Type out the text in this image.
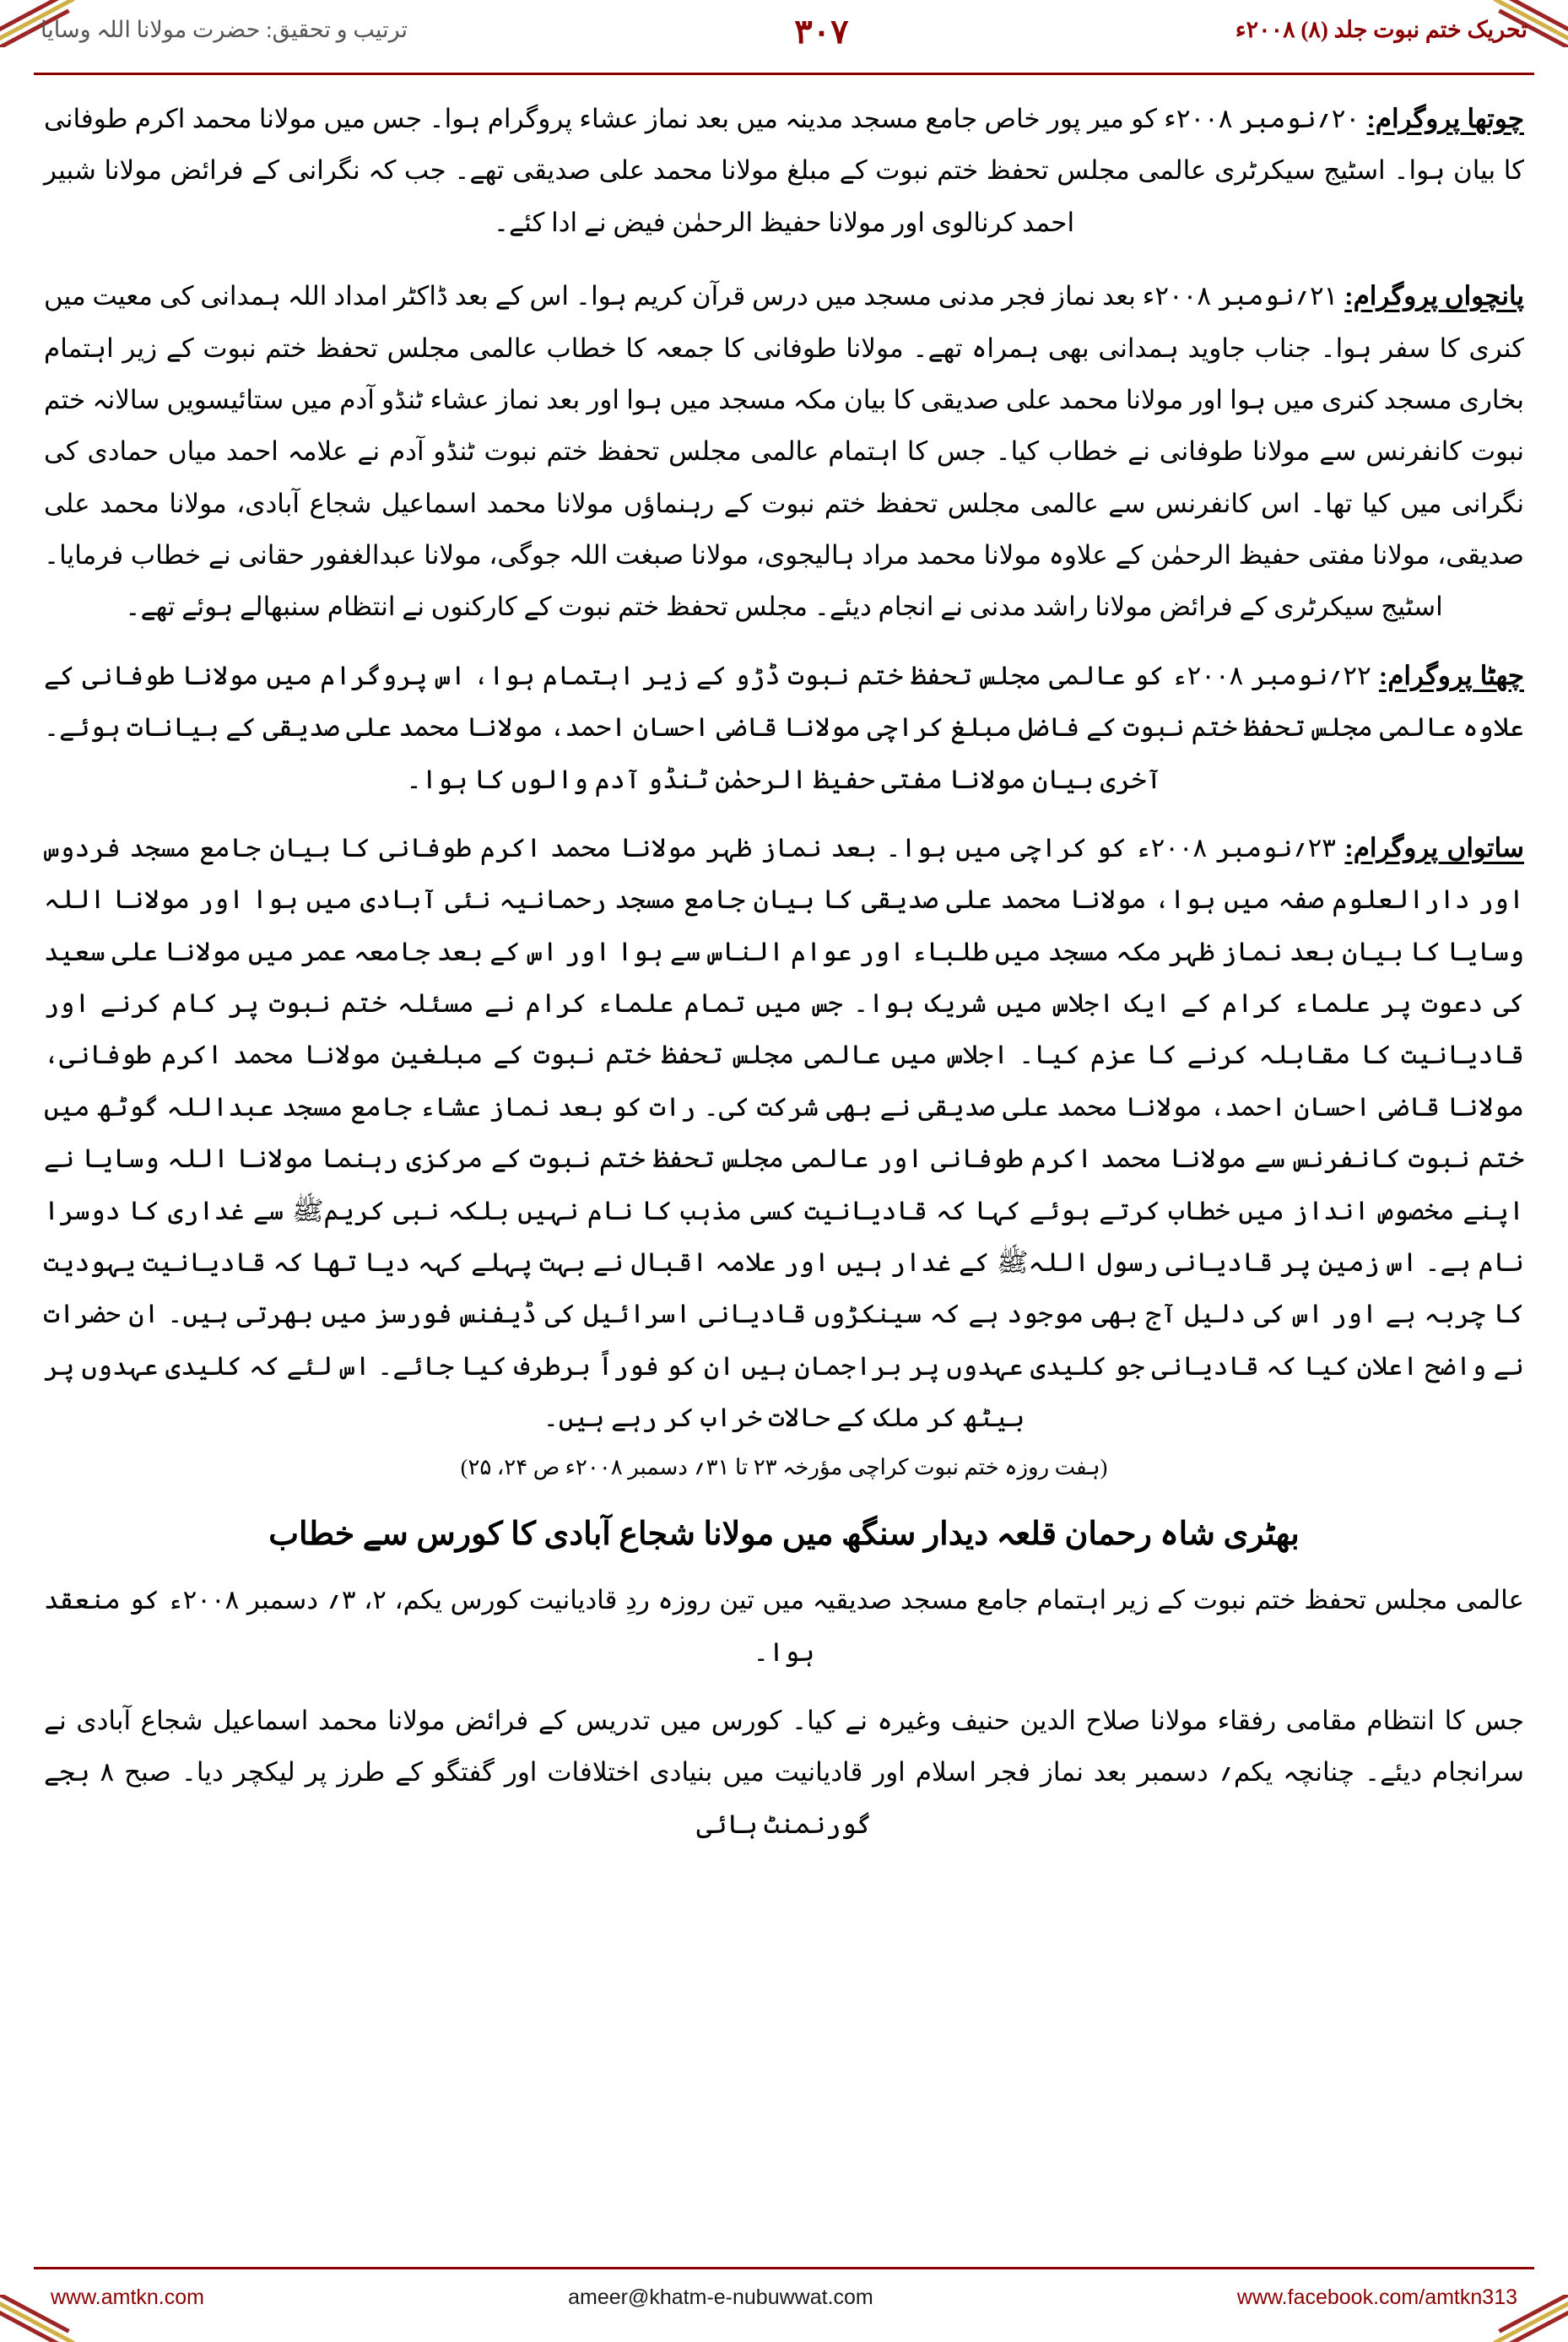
تحریک ختم نبوت جلد (۸) ۲۰۰۸ء
۳۰۷
ترتیب و تحقیق: حضرت مولانا اللہ وسایا

چوتھا پروگرام: ۲۰؍نومبر ۲۰۰۸ء کو میر پور خاص جامع مسجد مدینہ میں بعد نماز عشاء پروگرام ہوا۔ جس میں مولانا محمد اکرم طوفانی کا بیان ہوا۔ اسٹیج سیکرٹری عالمی مجلس تحفظ ختم نبوت کے مبلغ مولانا محمد علی صدیقی تھے۔ جب کہ نگرانی کے فرائض مولانا شبیر احمد کرنالوی اور مولانا حفیظ الرحمٰن فیض نے ادا کئے۔

پانچواں پروگرام: ۲۱؍نومبر ۲۰۰۸ء بعد نماز فجر مدنی مسجد میں درس قرآن کریم ہوا۔ اس کے بعد ڈاکٹر امداد اللہ ہمدانی کی معیت میں کنری کا سفر ہوا۔ جناب جاوید ہمدانی بھی ہمراہ تھے۔ مولانا طوفانی کا جمعہ کا خطاب عالمی مجلس تحفظ ختم نبوت کے زیر اہتمام بخاری مسجد کنری میں ہوا اور مولانا محمد علی صدیقی کا بیان مکہ مسجد میں ہوا اور بعد نماز عشاء ٹنڈو آدم میں ستائیسویں سالانہ ختم نبوت کانفرنس سے مولانا طوفانی نے خطاب کیا۔ جس کا اہتمام عالمی مجلس تحفظ ختم نبوت ٹنڈو آدم نے علامہ احمد میاں حمادی کی نگرانی میں کیا تھا۔ اس کانفرنس سے عالمی مجلس تحفظ ختم نبوت کے رہنماؤں مولانا محمد اسماعیل شجاع آبادی، مولانا محمد علی صدیقی، مولانا مفتی حفیظ الرحمٰن کے علاوہ مولانا محمد مراد ہالیجوی، مولانا صبغت اللہ جوگی، مولانا عبدالغفور حقانی نے خطاب فرمایا۔ اسٹیج سیکرٹری کے فرائض مولانا راشد مدنی نے انجام دیئے۔ مجلس تحفظ ختم نبوت کے کارکنوں نے انتظام سنبھالے ہوئے تھے۔

چھٹا پروگرام: ۲۲؍نومبر ۲۰۰۸ء کو عالمی مجلس تحفظ ختم نبوت ڈڑو کے زیر اہتمام ہوا، اس پروگرام میں مولانا طوفانی کے علاوہ عالمی مجلس تحفظ ختم نبوت کے فاضل مبلغ کراچی مولانا قاضی احسان احمد، مولانا محمد علی صدیقی کے بیانات ہوئے۔ آخری بیان مولانا مفتی حفیظ الرحمٰن ٹنڈو آدم والوں کا ہوا۔

ساتواں پروگرام: ۲۳؍نومبر ۲۰۰۸ء کو کراچی میں ہوا۔ بعد نماز ظہر مولانا محمد اکرم طوفانی کا بیان جامع مسجد فردوس اور دارالعلوم صفہ میں ہوا، مولانا محمد علی صدیقی کا بیان جامع مسجد رحمانیہ نئی آبادی میں ہوا اور مولانا اللہ وسایا کا بیان بعد نماز ظہر مکہ مسجد میں طلباء اور عوام الناس سے ہوا اور اس کے بعد جامعہ عمر میں مولانا علی سعید کی دعوت پر علماء کرام کے ایک اجلاس میں شریک ہوا۔ جس میں تمام علماء کرام نے مسئلہ ختم نبوت پر کام کرنے اور قادیانیت کا مقابلہ کرنے کا عزم کیا۔ اجلاس میں عالمی مجلس تحفظ ختم نبوت کے مبلغین مولانا محمد اکرم طوفانی، مولانا قاضی احسان احمد، مولانا محمد علی صدیقی نے بھی شرکت کی۔ رات کو بعد نماز عشاء جامع مسجد عبداللہ گوٹھ میں ختم نبوت کانفرنس سے مولانا محمد اکرم طوفانی اور عالمی مجلس تحفظ ختم نبوت کے مرکزی رہنما مولانا اللہ وسایا نے اپنے مخصوص انداز میں خطاب کرتے ہوئے کہا کہ قادیانیت کسی مذہب کا نام نہیں بلکہ نبی کریمﷺ سے غداری کا دوسرا نام ہے۔ اس زمین پر قادیانی رسول اللہﷺ کے غدار ہیں اور علامہ اقبال نے بہت پہلے کہہ دیا تھا کہ قادیانیت یہودیت کا چربہ ہے اور اس کی دلیل آج بھی موجود ہے کہ سینکڑوں قادیانی اسرائیل کی ڈیفنس فورسز میں بھرتی ہیں۔ ان حضرات نے واضح اعلان کیا کہ قادیانی جو کلیدی عہدوں پر براجمان ہیں ان کو فوراً برطرف کیا جائے۔ اس لئے کہ کلیدی عہدوں پر بیٹھ کر ملک کے حالات خراب کر رہے ہیں۔

(ہفت روزہ ختم نبوت کراچی مؤرخہ ۲۳ تا ۳۱؍ دسمبر ۲۰۰۸ء ص ۲۴، ۲۵)
بھٹری شاہ رحمان قلعہ دیدار سنگھ میں مولانا شجاع آبادی کا کورس سے خطاب

عالمی مجلس تحفظ ختم نبوت کے زیر اہتمام جامع مسجد صدیقیہ میں تین روزہ ردِ قادیانیت کورس یکم، ۲، ۳؍ دسمبر ۲۰۰۸ء کو منعقد ہوا۔

جس کا انتظام مقامی رفقاء مولانا صلاح الدین حنیف وغیرہ نے کیا۔ کورس میں تدریس کے فرائض مولانا محمد اسماعیل شجاع آبادی نے سرانجام دیئے۔ چنانچہ یکم؍ دسمبر بعد نماز فجر اسلام اور قادیانیت میں بنیادی اختلافات اور گفتگو کے طرز پر لیکچر دیا۔ صبح ۸ بجے گورنمنٹ ہائی

www.amtkn.com	ameer@khatm-e-nubuwwat.com	www.facebook.com/amtkn313
